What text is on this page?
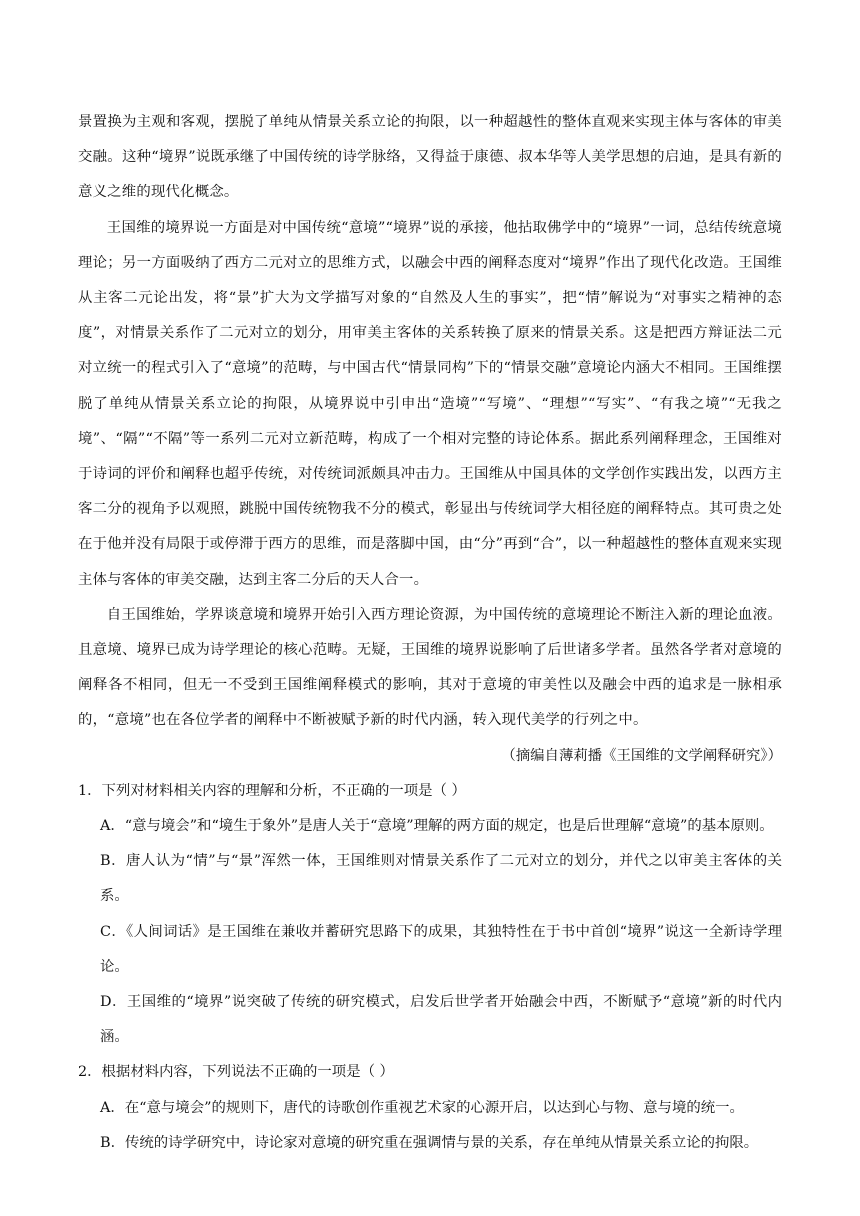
景置换为主观和客观，摆脱了单纯从情景关系立论的拘限，以一种超越性的整体直观来实现主体与客体的审美交融。这种“境界”说既承继了中国传统的诗学脉络，又得益于康德、叔本华等人美学思想的启迪，是具有新的意义之维的现代化概念。

王国维的境界说一方面是对中国传统“意境”“境界”说的承接，他拈取佛学中的“境界”一词，总结传统意境理论；另一方面吸纳了西方二元对立的思维方式，以融会中西的阐释态度对“境界”作出了现代化改造。王国维从主客二元论出发，将“景”扩大为文学描写对象的“自然及人生的事实”，把“情”解说为“对事实之精神的态度”，对情景关系作了二元对立的划分，用审美主客体的关系转换了原来的情景关系。这是把西方辩证法二元对立统一的程式引入了“意境”的范畴，与中国古代“情景同构”下的“情景交融”意境论内涵大不相同。王国维摆脱了单纯从情景关系立论的拘限，从境界说中引申出“造境”“写境”、“理想”“写实”、“有我之境”“无我之境”、“隔”“不隔”等一系列二元对立新范畴，构成了一个相对完整的诗论体系。据此系列阐释理念，王国维对于诗词的评价和阐释也超乎传统，对传统词派颇具冲击力。王国维从中国具体的文学创作实践出发，以西方主客二分的视角予以观照，跳脱中国传统物我不分的模式，彰显出与传统词学大相径庭的阐释特点。其可贵之处在于他并没有局限于或停滞于西方的思维，而是落脚中国，由“分”再到“合”，以一种超越性的整体直观来实现主体与客体的审美交融，达到主客二分后的天人合一。

自王国维始，学界谈意境和境界开始引入西方理论资源，为中国传统的意境理论不断注入新的理论血液。且意境、境界已成为诗学理论的核心范畴。无疑，王国维的境界说影响了后世诸多学者。虽然各学者对意境的阐释各不相同，但无一不受到王国维阐释模式的影响，其对于意境的审美性以及融会中西的追求是一脉相承的，“意境”也在各位学者的阐释中不断被赋予新的时代内涵，转入现代美学的行列之中。

（摘编自薄莉播《王国维的文学阐释研究》）

1．下列对材料相关内容的理解和分析，不正确的一项是（ ）

A．“意与境会”和“境生于象外”是唐人关于“意境”理解的两方面的规定，也是后世理解“意境”的基本原则。

B．唐人认为“情”与“景”浑然一体，王国维则对情景关系作了二元对立的划分，并代之以审美主客体的关系。

C．《人间词话》是王国维在兼收并蓄研究思路下的成果，其独特性在于书中首创“境界”说这一全新诗学理论。

D．王国维的“境界”说突破了传统的研究模式，启发后世学者开始融会中西，不断赋予“意境”新的时代内涵。

2．根据材料内容，下列说法不正确的一项是（ ）

A．在“意与境会”的规则下，唐代的诗歌创作重视艺术家的心源开启，以达到心与物、意与境的统一。

B．传统的诗学研究中，诗论家对意境的研究重在强调情与景的关系，存在单纯从情景关系立论的拘限。
